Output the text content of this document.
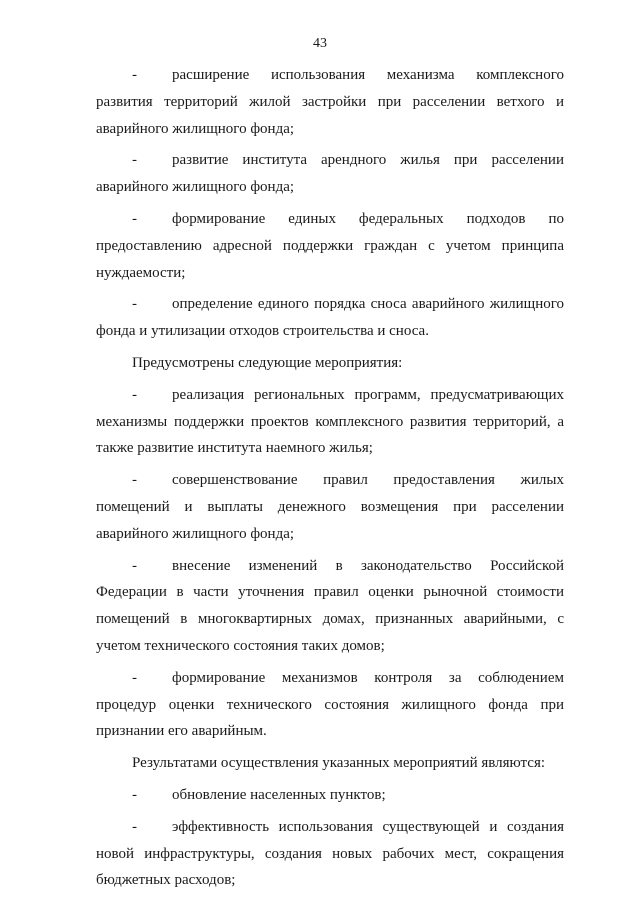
43

- расширение использования механизма комплексного развития территорий жилой застройки при расселении ветхого и аварийного жилищного фонда;

- развитие института арендного жилья при расселении аварийного жилищного фонда;

- формирование единых федеральных подходов по предоставлению адресной поддержки граждан с учетом принципа нуждаемости;

- определение единого порядка сноса аварийного жилищного фонда и утилизации отходов строительства и сноса.

Предусмотрены следующие мероприятия:

- реализация региональных программ, предусматривающих механизмы поддержки проектов комплексного развития территорий, а также развитие института наемного жилья;

- совершенствование правил предоставления жилых помещений и выплаты денежного возмещения при расселении аварийного жилищного фонда;

- внесение изменений в законодательство Российской Федерации в части уточнения правил оценки рыночной стоимости помещений в многоквартирных домах, признанных аварийными, с учетом технического состояния таких домов;

- формирование механизмов контроля за соблюдением процедур оценки технического состояния жилищного фонда при признании его аварийным.

Результатами осуществления указанных мероприятий являются:

- обновление населенных пунктов;

- эффективность использования существующей и создания новой инфраструктуры, создания новых рабочих мест, сокращения бюджетных расходов;
